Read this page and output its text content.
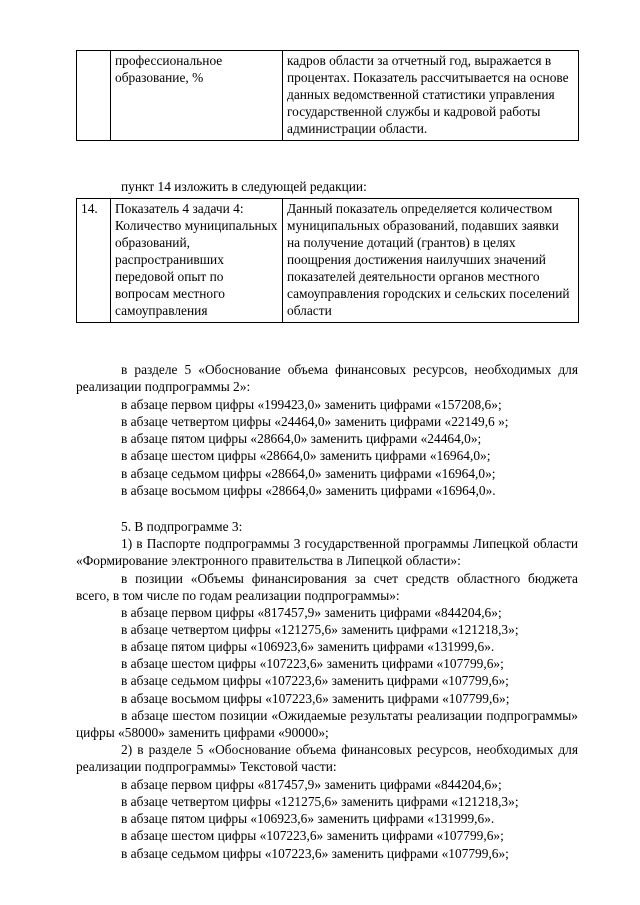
	профессиональное образование, %	кадров области за отчетный год, выражается в процентах. Показатель рассчитывается на основе данных ведомственной статистики управления государственной службы и кадровой работы администрации области.

пункт 14 изложить в следующей редакции:

14.	Показатель 4 задачи 4: Количество муниципальных образований, распространивших передовой опыт по вопросам местного самоуправления	Данный показатель определяется количеством муниципальных образований, подавших заявки на получение дотаций (грантов) в целях поощрения достижения наилучших значений показателей деятельности органов местного самоуправления городских и сельских поселений области

в разделе 5 «Обоснование объема финансовых ресурсов, необходимых для реализации подпрограммы 2»:

в абзаце первом цифры «199423,0» заменить цифрами «157208,6»;

в абзаце четвертом цифры «24464,0» заменить цифрами «22149,6 »;

в абзаце пятом цифры «28664,0» заменить цифрами «24464,0»;

в абзаце шестом цифры «28664,0» заменить цифрами «16964,0»;

в абзаце седьмом цифры «28664,0» заменить цифрами «16964,0»;

в абзаце восьмом цифры «28664,0» заменить цифрами «16964,0».

5. В подпрограмме 3:

1) в Паспорте подпрограммы 3 государственной программы Липецкой области «Формирование электронного правительства в Липецкой области»:

в позиции «Объемы финансирования за счет средств областного бюджета всего, в том числе по годам реализации подпрограммы»:

в абзаце первом цифры «817457,9» заменить цифрами «844204,6»;

в абзаце четвертом цифры «121275,6» заменить цифрами «121218,3»;

в абзаце пятом цифры «106923,6» заменить цифрами «131999,6».

в абзаце шестом цифры «107223,6» заменить цифрами «107799,6»;

в абзаце седьмом цифры «107223,6» заменить цифрами «107799,6»;

в абзаце восьмом цифры «107223,6» заменить цифрами «107799,6»;

в абзаце шестом позиции «Ожидаемые результаты реализации подпрограммы» цифры «58000» заменить цифрами «90000»;

2) в разделе 5 «Обоснование объема финансовых ресурсов, необходимых для реализации подпрограммы» Текстовой части:

в абзаце первом цифры «817457,9» заменить цифрами «844204,6»;

в абзаце четвертом цифры «121275,6» заменить цифрами «121218,3»;

в абзаце пятом цифры «106923,6» заменить цифрами «131999,6».

в абзаце шестом цифры «107223,6» заменить цифрами «107799,6»;

в абзаце седьмом цифры «107223,6» заменить цифрами «107799,6»;
